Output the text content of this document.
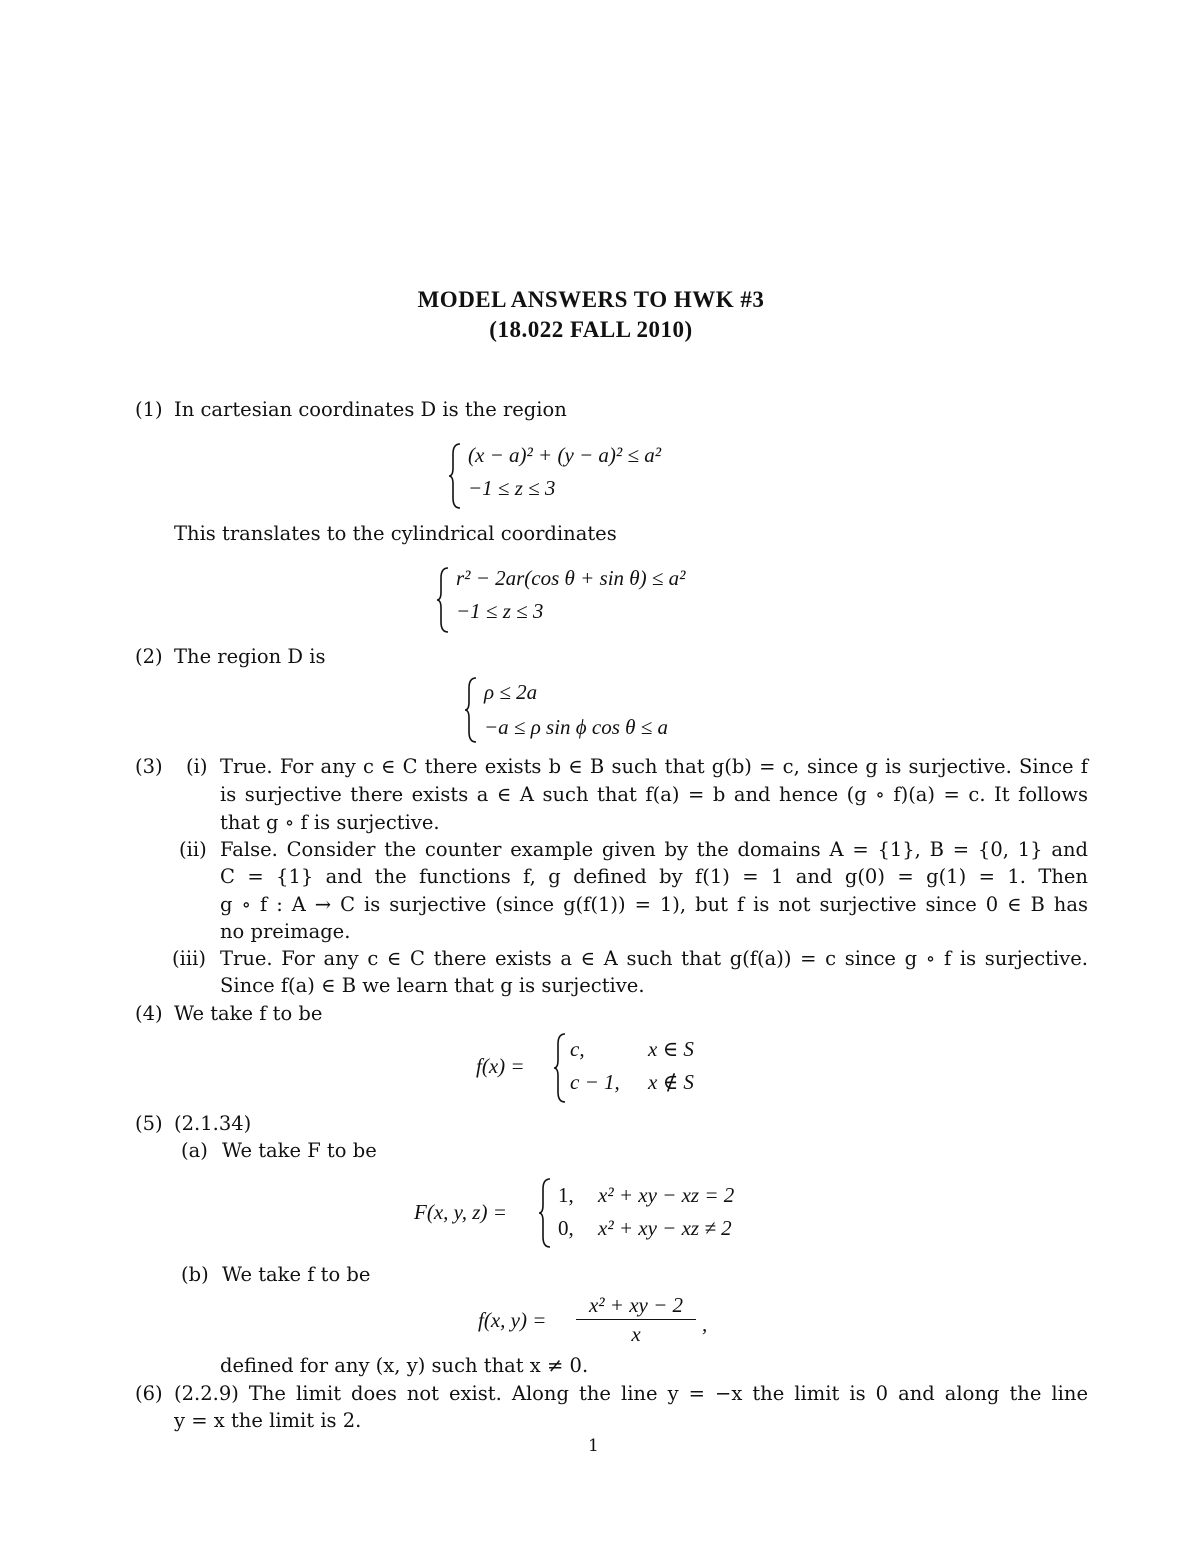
MODEL ANSWERS TO HWK #3
(18.022 FALL 2010)
(1) In cartesian coordinates D is the region
(x − a)² + (y − a)² ≤ a²
−1 ≤ z ≤ 3
This translates to the cylindrical coordinates
r² − 2ar(cos θ + sin θ) ≤ a²
−1 ≤ z ≤ 3
(2) The region D is
ρ ≤ 2a
−a ≤ ρ sin ϕ cos θ ≤ a
(3) (i) True. For any c ∈ C there exists b ∈ B such that g(b) = c, since g is surjective. Since f
is surjective there exists a ∈ A such that f(a) = b and hence (g ∘ f)(a) = c. It follows
that g ∘ f is surjective.
(ii) False. Consider the counter example given by the domains A = {1}, B = {0, 1} and
C = {1} and the functions f, g defined by f(1) = 1 and g(0) = g(1) = 1. Then
g ∘ f : A → C is surjective (since g(f(1)) = 1), but f is not surjective since 0 ∈ B has
no preimage.
(iii) True. For any c ∈ C there exists a ∈ A such that g(f(a)) = c since g ∘ f is surjective.
Since f(a) ∈ B we learn that g is surjective.
(4) We take f to be
f(x) =
c,	x ∈ S
c − 1, x ∉ S
(5) (2.1.34)
(a) We take F to be
F(x, y, z) =
1, x² + xy − xz = 2
0, x² + xy − xz ≠ 2
(b) We take f to be
f(x, y) =
x² + xy − 2
x	,
defined for any (x, y) such that x ≠ 0.
(6) (2.2.9) The limit does not exist. Along the line y = −x the limit is 0 and along the line
y = x the limit is 2.
1
